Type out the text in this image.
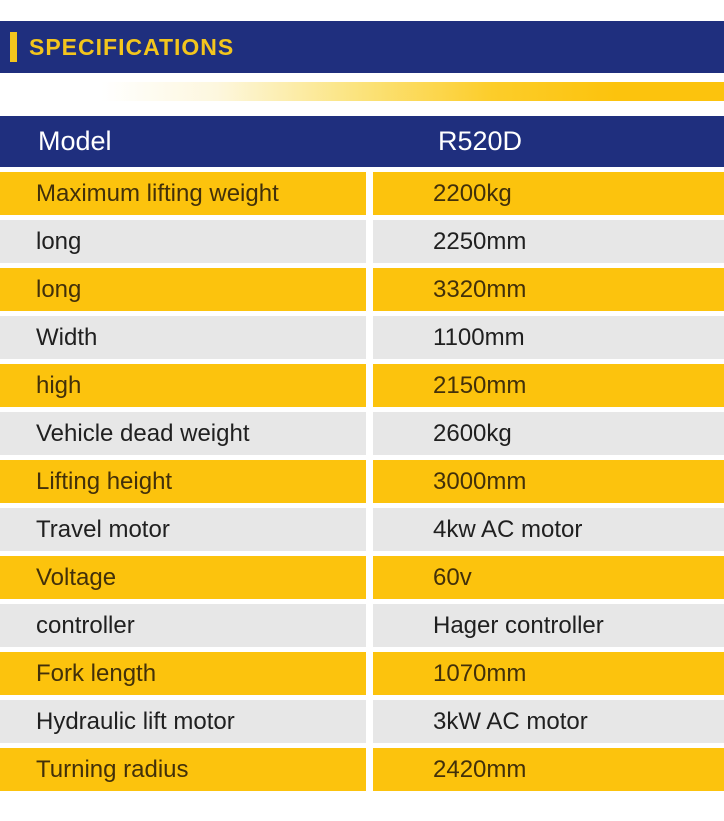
SPECIFICATIONS
Model	R520D
Maximum lifting weight	2200kg
long	2250mm
long	3320mm
Width	1100mm
high	2150mm
Vehicle dead weight	2600kg
Lifting height	3000mm
Travel motor	4kw AC motor
Voltage	60v
controller	Hager controller
Fork length	1070mm
Hydraulic lift motor	3kW AC motor
Turning radius	2420mm
